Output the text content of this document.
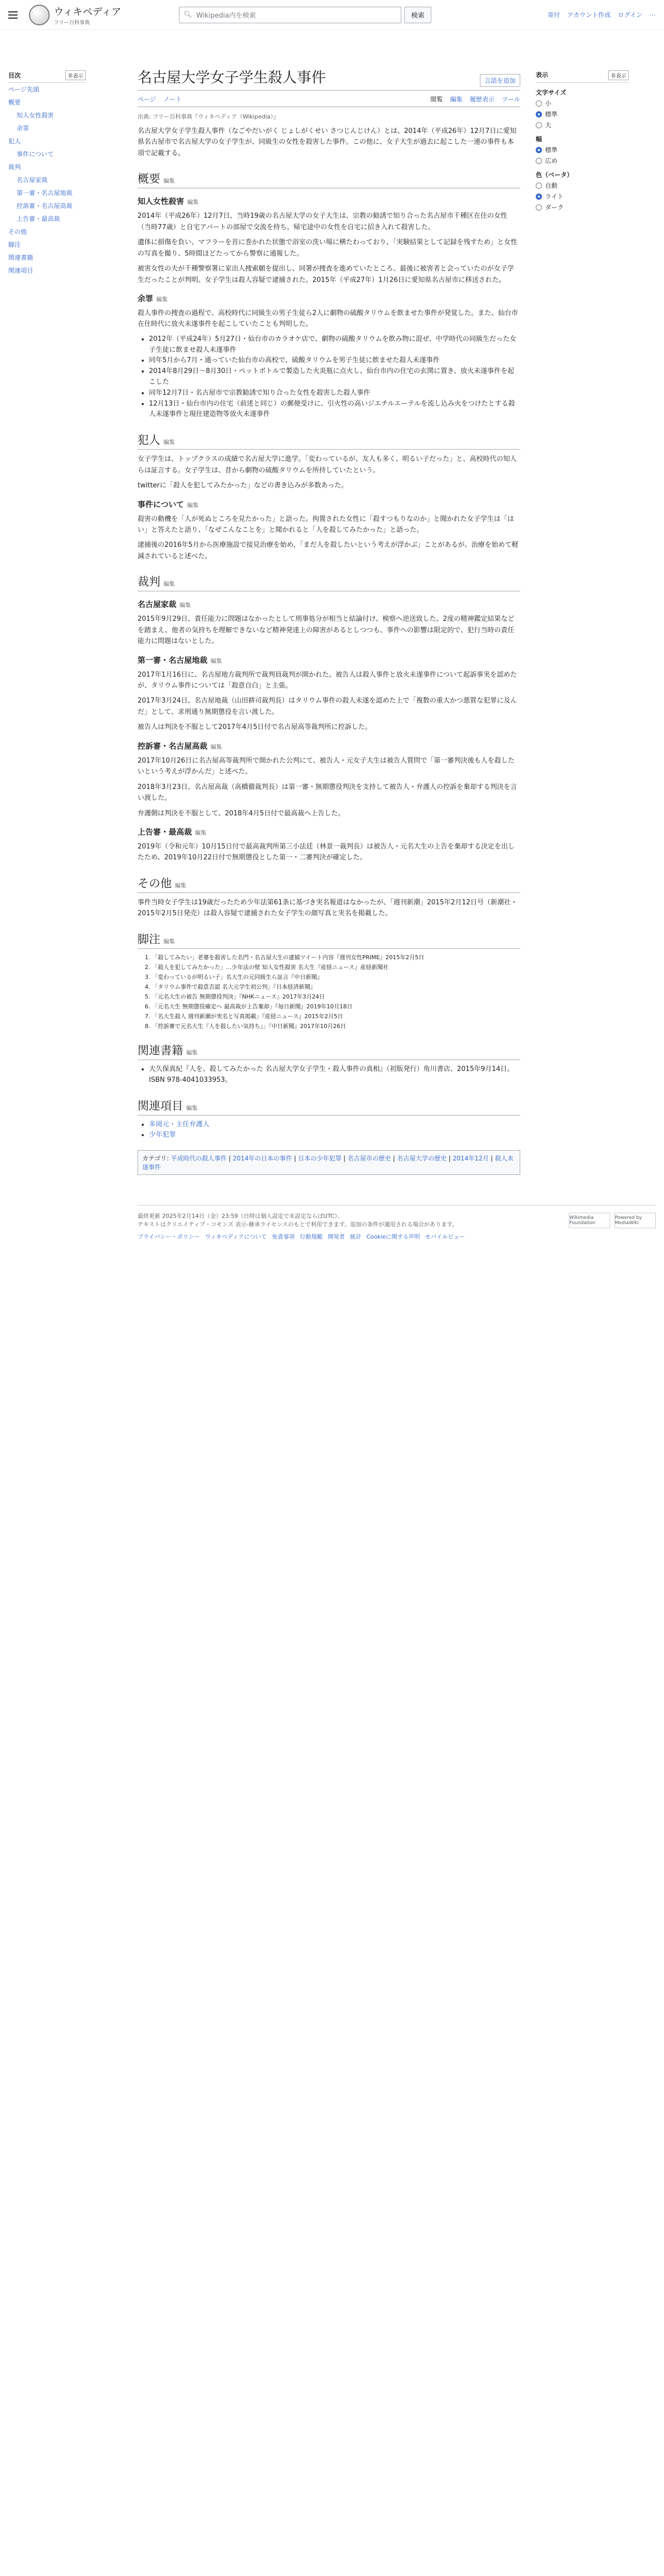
ウィキペディア
フリー百科事典
🔍︎ Wikipedia内を検索	検索	寄付 アカウント作成 ログイン ⋯
目次	非表示
ページ先頭
概要
知人女性殺害
余罪
犯人
事件について
裁判
名古屋家裁
第一審・名古屋地裁
控訴審・名古屋高裁
上告審・最高裁
その他
脚注
関連書籍
関連項目
名古屋大学女子学生殺人事件	言語を追加
ページ ノート	閲覧 編集 履歴表示 ツール
出典: フリー百科事典『ウィキペディア（Wikipedia）』

名古屋大学女子学生殺人事件（なごやだいがく じょしがくせい さつじんじけん）とは、2014年（平成26年）12月7日に愛知県名古屋市で名古屋大学の女子学生が、同級生の女性を殺害した事件。この他に、女子大生が過去に起こした一連の事件も本項で記載する。

概要 編集
知人女性殺害 編集

2014年（平成26年）12月7日、当時19歳の名古屋大学の女子大生は、宗教の勧誘で知り合った名古屋市千種区在住の女性（当時77歳）と自宅アパートの部屋で交流を持ち、帰宅途中の女性を自宅に招き入れて殺害した。

遺体に損傷を負い、マフラーを首に巻かれた状態で浴室の洗い場に横たわっており、「実験結果として記録を残すため」と女性の写真を撮り、5時間ほどたってから警察に通報した。

被害女性の夫が千種警察署に家出人捜索願を提出し、同署が捜査を進めていたところ、最後に被害者と会っていたのが女子学生だったことが判明。女子学生は殺人容疑で逮捕された。2015年（平成27年）1月26日に愛知県名古屋市に移送された。

余罪 編集

殺人事件の捜査の過程で、高校時代に同級生の男子生徒ら2人に劇物の硫酸タリウムを飲ませた事件が発覚した。また、仙台市在住時代に放火未遂事件を起こしていたことも判明した。

• 2012年（平成24年）5月27日・仙台市のカラオケ店で、劇物の硫酸タリウムを飲み物に混ぜ、中学時代の同級生だった女子生徒に飲ませ殺人未遂事件
• 同年5月から7月・通っていた仙台市の高校で、硫酸タリウムを男子生徒に飲ませた殺人未遂事件
• 2014年8月29日〜8月30日・ペットボトルで製造した火炎瓶に点火し、仙台市内の住宅の玄関に置き、放火未遂事件を起こした
• 同年12月7日・名古屋市で宗教勧誘で知り合った女性を殺害した殺人事件
• 12月13日・仙台市内の住宅（前述と同じ）の郵便受けに、引火性の高いジエチルエーテルを流し込み火をつけたとする殺人未遂事件と現住建造物等放火未遂事件
犯人 編集

女子学生は、トップクラスの成績で名古屋大学に進学。「変わっているが、友人も多く、明るい子だった」と、高校時代の知人らは証言する。女子学生は、昔から劇物の硫酸タリウムを所持していたという。

twitterに「殺人を犯してみたかった」などの書き込みが多数あった。

事件について 編集

殺害の動機を「人が死ぬところを見たかった」と語った。拘置された女性に「殺すつもりなのか」と聞かれた女子学生は「はい」と答えたと語り、「なぜこんなことを」と聞かれると「人を殺してみたかった」と語った。

逮捕後の2016年5月から医療施設で接見治療を始め、「まだ人を殺したいという考えが浮かぶ」ことがあるが、治療を始めて軽減されていると述べた。

裁判 編集
名古屋家裁 編集

2015年9月29日、責任能力に問題はなかったとして刑事処分が相当と結論付け、検察へ逆送致した。2度の精神鑑定結果などを踏まえ、他者の気持ちを理解できないなど精神発達上の障害があるとしつつも、事件への影響は限定的で、犯行当時の責任能力に問題はないとした。

第一審・名古屋地裁 編集

2017年1月16日に、名古屋地方裁判所で裁判員裁判が開かれた。被告人は殺人事件と放火未遂事件について起訴事実を認めたが、タリウム事件については「殺意自白」と主張。

2017年3月24日、名古屋地裁（山田耕司裁判長）はタリウム事件の殺人未遂を認めた上で「複数の重大かつ悪質な犯罪に及んだ」として、求刑通り無期懲役を言い渡した。

被告人は判決を不服として2017年4月5日付で名古屋高等裁判所に控訴した。

控訴審・名古屋高裁 編集

2017年10月26日に名古屋高等裁判所で開かれた公判にて、被告人・元女子大生は被告人質問で「第一審判決後も人を殺したいという考えが浮かんだ」と述べた。

2018年3月23日、名古屋高裁（高橋徹裁判長）は第一審・無期懲役判決を支持して被告人・弁護人の控訴を棄却する判決を言い渡した。

弁護側は判決を不服として、2018年4月5日付で最高裁へ上告した。

上告審・最高裁 編集

2019年（令和元年）10月15日付で最高裁判所第三小法廷（林景一裁判長）は被告人・元名大生の上告を棄却する決定を出したため、2019年10月22日付で無期懲役とした第一・二審判決が確定した。

その他 編集

事件当時女子学生は19歳だったため少年法第61条に基づき実名報道はなかったが、「週刊新潮」2015年2月12日号（新潮社・2015年2月5日発売）は殺人容疑で逮捕された女子学生の顔写真と実名を掲載した。

脚注 編集
1. 「殺してみたい」老婆を殺害した名門・名古屋大生の逮捕ツイート内容『週刊女性PRIME』2015年2月5日
2. 「殺人を犯してみたかった」…少年法の壁 知人女性殺害 名大生『産経ニュース』産経新聞社
3. 「変わっているが明るい子」名大生の元同級生ら証言『中日新聞』
4. 「タリウム事件で殺意否認 名大元学生初公判」『日本経済新聞』
5. 「元名大生の被告 無期懲役判決」『NHKニュース』2017年3月24日
6. 「元名大生 無期懲役確定へ 最高裁が上告棄却」『毎日新聞』2019年10月18日
7. 「名大生殺人 週刊新潮が実名と写真掲載」『産経ニュース』2015年2月5日
8. 「控訴審で元名大生『人を殺したい気持ち』」『中日新聞』2017年10月26日
関連書籍 編集
• 大久保真紀『人を、殺してみたかった 名古屋大学女子学生・殺人事件の真相』（初版発行）角川書店、2015年9月14日。ISBN 978-4041033953。
関連項目 編集
• 多岡元・主任弁護人
• 少年犯罪
カテゴリ: 平成時代の殺人事件 | 2014年の日本の事件 | 日本の少年犯罪 | 名古屋市の歴史 | 名古屋大学の歴史 | 2014年12月 | 殺人未遂事件
表示	非表示
文字サイズ
小
標準
大
幅
標準
広め
色（ベータ）
自動
ライト
ダーク
最終更新 2025年2月14日（金）23:59（日時は個人設定で未設定ならばUTC）。
テキストはクリエイティブ・コモンズ 表示-継承ライセンスのもとで利用できます。追加の条件が適用される場合があります。
プライバシー・ポリシー ウィキペディアについて 免責事項 行動規範 開発者 統計 Cookieに関する声明 モバイルビュー
Wikimedia Foundation
Powered by MediaWiki
